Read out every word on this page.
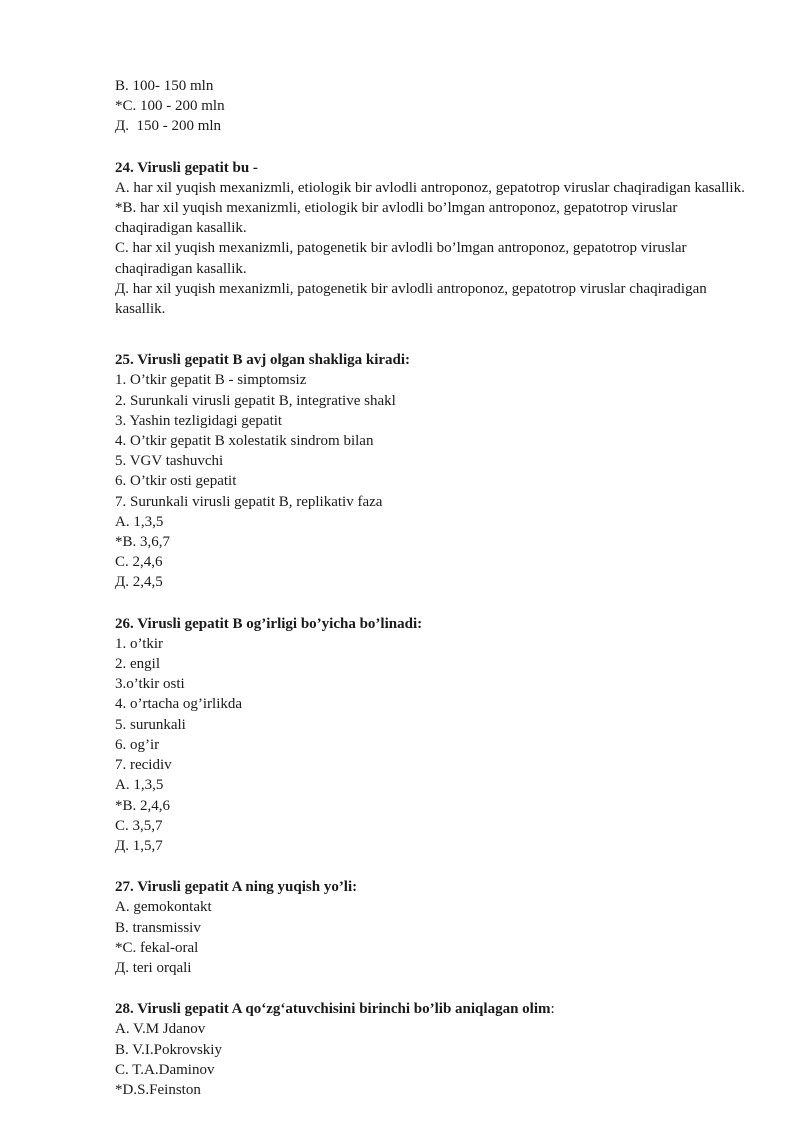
B. 100- 150 mln
*C. 100 - 200 mln
Д.  150 - 200 mln
24. Virusli gepatit bu -
A. har xil yuqish mexanizmli, etiologik bir avlodli antroponoz, gepatotrop viruslar chaqiradigan kasallik.
*B. har xil yuqish mexanizmli, etiologik bir avlodli bo’lmgan antroponoz, gepatotrop viruslar chaqiradigan kasallik.
C. har xil yuqish mexanizmli, patogenetik bir avlodli bo’lmgan antroponoz, gepatotrop viruslar chaqiradigan kasallik.
Д. har xil yuqish mexanizmli, patogenetik bir avlodli antroponoz, gepatotrop viruslar chaqiradigan kasallik.
25. Virusli gepatit B avj olgan shakliga kiradi:
1. O’tkir gepatit B - simptomsiz
2. Surunkali virusli gepatit B, integrative shakl
3. Yashin tezligidagi gepatit
4. O’tkir gepatit B xolestatik sindrom bilan
5. VGV tashuvchi
6. O’tkir osti gepatit
7. Surunkali virusli gepatit B, replikativ faza
A. 1,3,5
*B. 3,6,7
C. 2,4,6
Д. 2,4,5
26. Virusli gepatit B og’irligi bo’yicha bo’linadi:
1. o’tkir
2. engil
3.o’tkir osti
4. o’rtacha og’irlikda
5. surunkali
6. og’ir
7. recidiv
A. 1,3,5
*B. 2,4,6
C. 3,5,7
Д. 1,5,7
27. Virusli gepatit A ning yuqish yo’li:
A. gemokontakt
B. transmissiv
*C. fekal-oral
Д. teri orqali
28. Virusli gepatit A qo‘zg‘atuvchisini birinchi bo’lib aniqlagan olim:
A. V.M Jdanov
B. V.I.Pokrovskiy
C. T.A.Daminov
*D.S.Feinston
